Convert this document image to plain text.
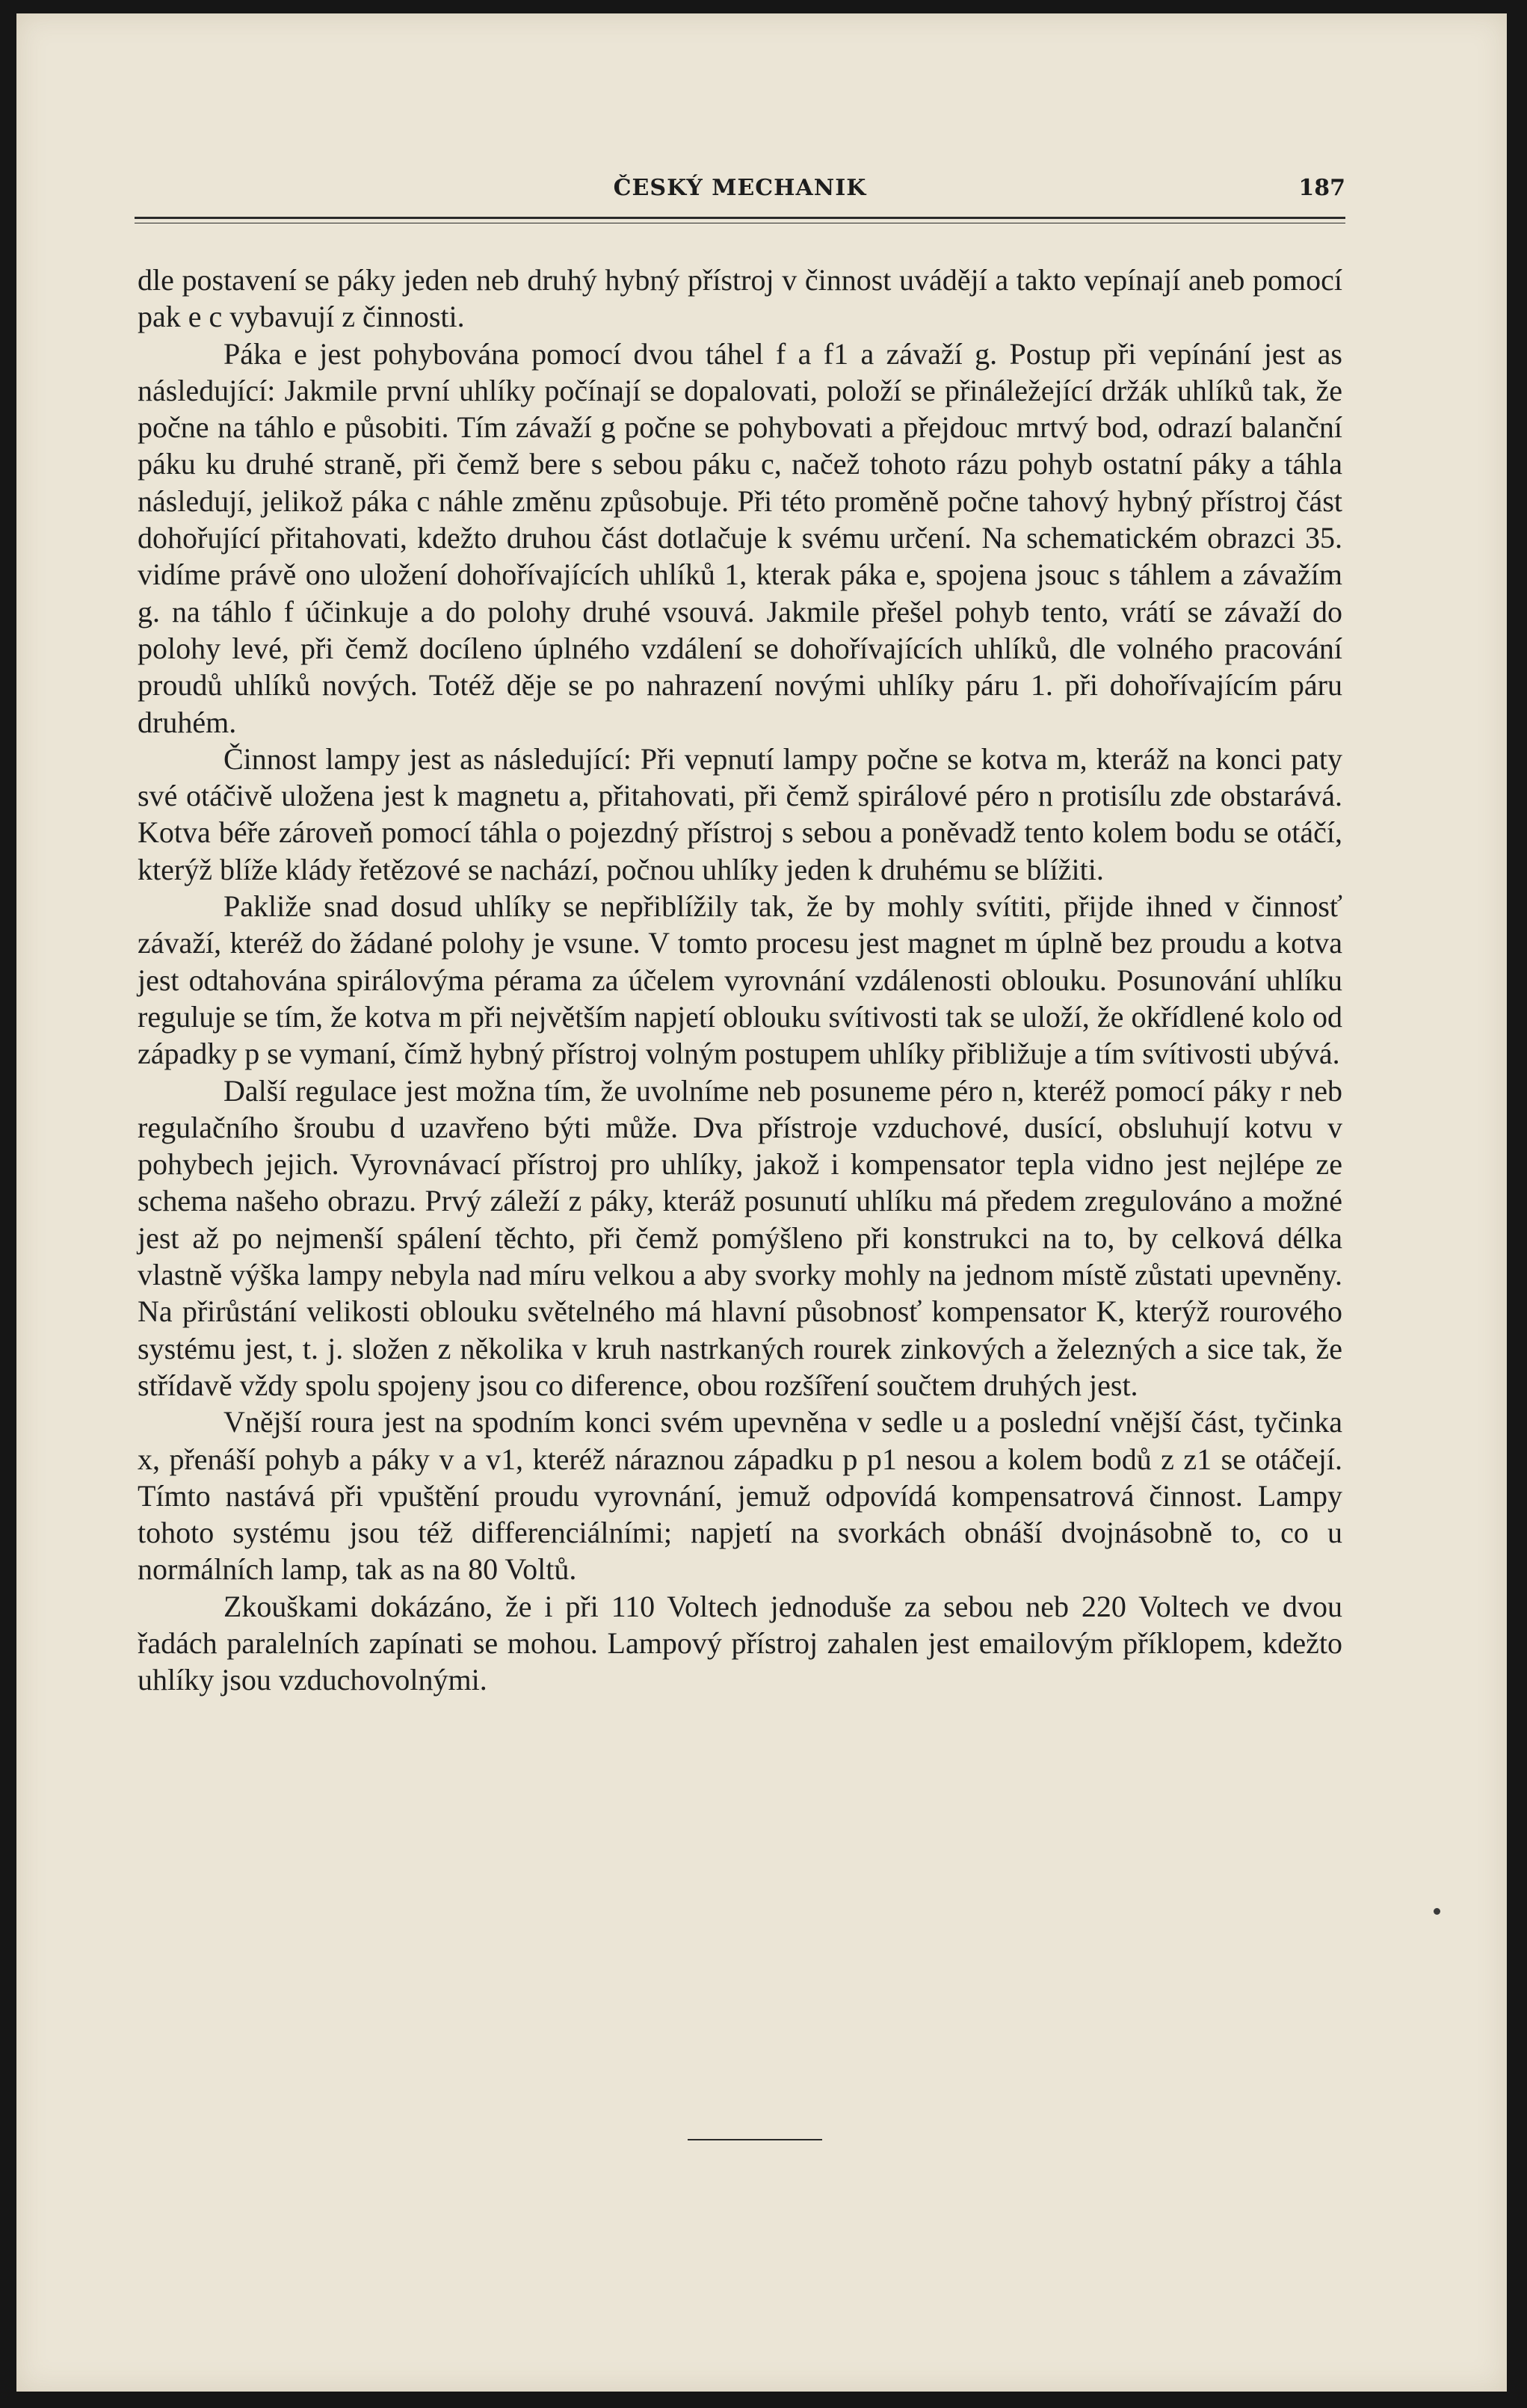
ČESKÝ MECHANIK	187

dle postavení se páky jeden neb druhý hybný přístroj v činnost uvádějí a takto vepínají aneb pomocí pak e c vybavují z činnosti.

Páka e jest pohybována pomocí dvou táhel f a f1 a závaží g. Postup při vepínání jest as následující: Jakmile první uhlíky počínají se dopalovati, položí se přináležející držák uhlíků tak, že počne na táhlo e působiti. Tím závaží g počne se pohybovati a přejdouc mrtvý bod, odrazí balanční páku ku druhé straně, při čemž bere s sebou páku c, načež tohoto rázu pohyb ostatní páky a táhla následují, jelikož páka c náhle změnu způsobuje. Při této proměně počne tahový hybný přístroj část dohořující přitahovati, kdežto druhou část dotlačuje k svému určení. Na schematickém obrazci 35. vidíme právě ono uložení dohořívajících uhlíků 1, kterak páka e, spojena jsouc s táhlem a závažím g. na táhlo f účinkuje a do polohy druhé vsouvá. Jakmile přešel pohyb tento, vrátí se závaží do polohy levé, při čemž docíleno úplného vzdálení se dohořívajících uhlíků, dle volného pracování proudů uhlíků nových. Totéž děje se po nahrazení novými uhlíky páru 1. při dohořívajícím páru druhém.

Činnost lampy jest as následující: Při vepnutí lampy počne se kotva m, kteráž na konci paty své otáčivě uložena jest k magnetu a, přitahovati, při čemž spirálové péro n protisílu zde obstarává. Kotva béře zároveň pomocí táhla o pojezdný přístroj s sebou a poněvadž tento kolem bodu se otáčí, kterýž blíže klády řetězové se nachází, počnou uhlíky jeden k druhému se blížiti.

Pakliže snad dosud uhlíky se nepřiblížily tak, že by mohly svítiti, přijde ihned v činnosť závaží, kteréž do žádané polohy je vsune. V tomto procesu jest magnet m úplně bez proudu a kotva jest odtahována spirálovýma pérama za účelem vyrovnání vzdálenosti oblouku. Posunování uhlíku reguluje se tím, že kotva m při největším napjetí oblouku svítivosti tak se uloží, že okřídlené kolo od západky p se vymaní, čímž hybný přístroj volným postupem uhlíky přibližuje a tím svítivosti ubývá.

Další regulace jest možna tím, že uvolníme neb posuneme péro n, kteréž pomocí páky r neb regulačního šroubu d uzavřeno býti může. Dva přístroje vzduchové, dusící, obsluhují kotvu v pohybech jejich. Vyrovnávací přístroj pro uhlíky, jakož i kompensator tepla vidno jest nejlépe ze schema našeho obrazu. Prvý záleží z páky, kteráž posunutí uhlíku má předem zregulováno a možné jest až po nejmenší spálení těchto, při čemž pomýšleno při konstrukci na to, by celková délka vlastně výška lampy nebyla nad míru velkou a aby svorky mohly na jednom místě zůstati upevněny. Na přirůstání velikosti oblouku světelného má hlavní působnosť kompensator K, kterýž rourového systému jest, t. j. složen z několika v kruh nastrkaných rourek zinkových a železných a sice tak, že střídavě vždy spolu spojeny jsou co diference, obou rozšíření součtem druhých jest.

Vnější roura jest na spodním konci svém upevněna v sedle u a poslední vnější část, tyčinka x, přenáší pohyb a páky v a v1, kteréž náraznou západku p p1 nesou a kolem bodů z z1 se otáčejí. Tímto nastává při vpuštění proudu vyrovnání, jemuž odpovídá kompensatrová činnost. Lampy tohoto systému jsou též differenciálními; napjetí na svorkách obnáší dvojnásobně to, co u normálních lamp, tak as na 80 Voltů.

Zkouškami dokázáno, že i při 110 Voltech jednoduše za sebou neb 220 Voltech ve dvou řadách paralelních zapínati se mohou. Lampový přístroj zahalen jest emailovým příklopem, kdežto uhlíky jsou vzduchovolnými.
